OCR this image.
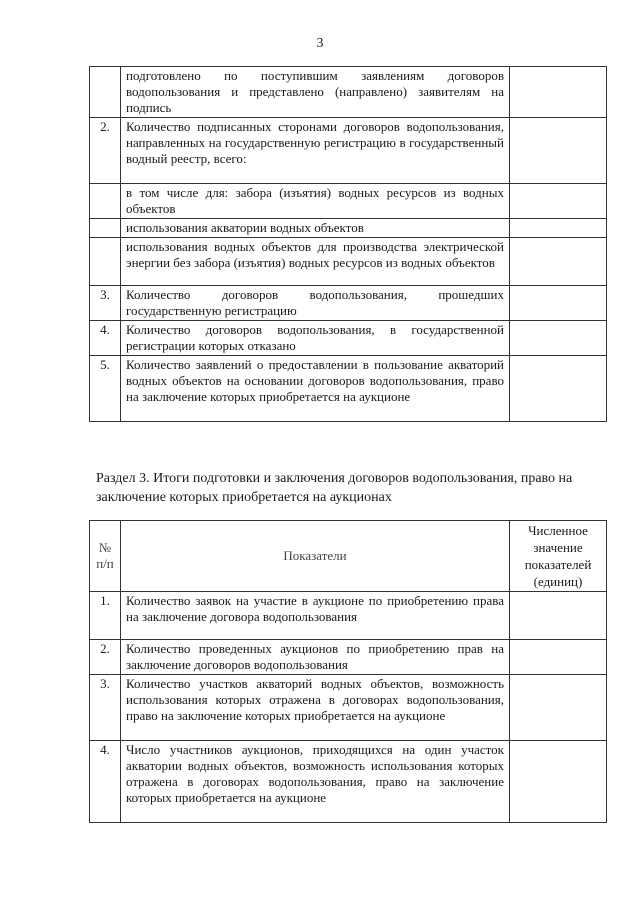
3
	подготовлено по поступившим заявлениям договоров водопользования и представлено (направлено) заявителям на подпись	
2.	Количество подписанных сторонами договоров водопользования, направленных на государственную регистрацию в государственный водный реестр, всего:	
	в том числе для: забора (изъятия) водных ресурсов из водных объектов	
	использования акватории водных объектов	
	использования водных объектов для производства электрической энергии без забора (изъятия) водных ресурсов из водных объектов	
3.	Количество договоров водопользования, прошедших государственную регистрацию	
4.	Количество договоров водопользования, в государственной регистрации которых отказано	
5.	Количество заявлений о предоставлении в пользование акваторий водных объектов на основании договоров водопользования, право на заключение которых приобретается на аукционе	
Раздел 3. Итоги подготовки и заключения договоров водопользования, право на заключение которых приобретается на аукционах
№ п/п	Показатели	Численное значение показателей (единиц)
1.	Количество заявок на участие в аукционе по приобретению права на заключение договора водопользования	
2.	Количество проведенных аукционов по приобретению прав на заключение договоров водопользования	
3.	Количество участков акваторий водных объектов, возможность использования которых отражена в договорах водопользования, право на заключение которых приобретается на аукционе	
4.	Число участников аукционов, приходящихся на один участок акватории водных объектов, возможность использования которых отражена в договорах водопользования, право на заключение которых приобретается на аукционе	
